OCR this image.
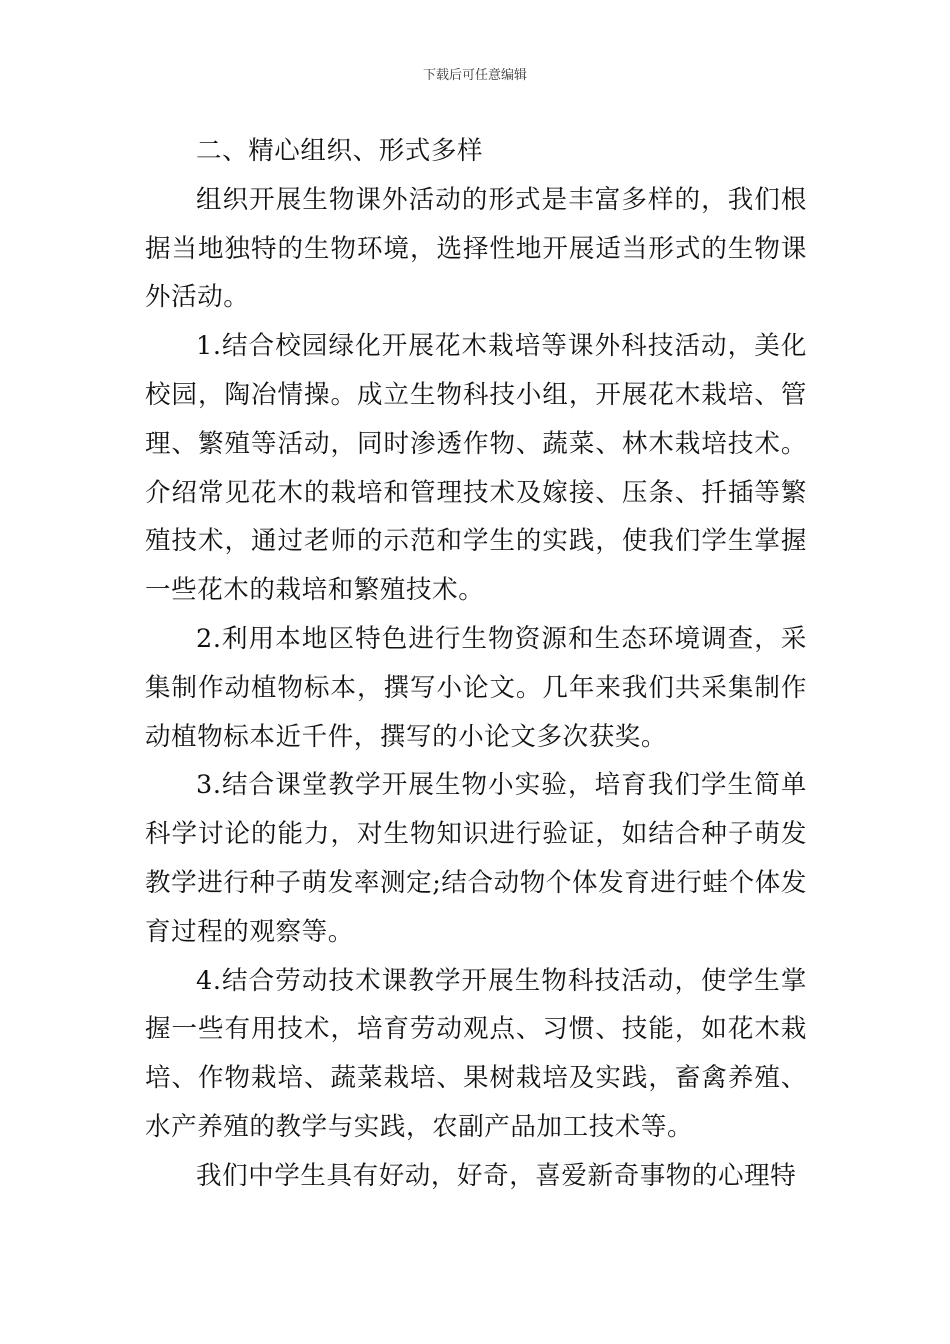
下载后可任意编辑

二、精心组织、形式多样

组织开展生物课外活动的形式是丰富多样的，我们根据当地独特的生物环境，选择性地开展适当形式的生物课外活动。

1.结合校园绿化开展花木栽培等课外科技活动，美化校园，陶冶情操。成立生物科技小组，开展花木栽培、管理、繁殖等活动，同时渗透作物、蔬菜、林木栽培技术。介绍常见花木的栽培和管理技术及嫁接、压条、扦插等繁殖技术，通过老师的示范和学生的实践，使我们学生掌握一些花木的栽培和繁殖技术。

2.利用本地区特色进行生物资源和生态环境调查，采集制作动植物标本，撰写小论文。几年来我们共采集制作动植物标本近千件，撰写的小论文多次获奖。

3.结合课堂教学开展生物小实验，培育我们学生简单科学讨论的能力，对生物知识进行验证，如结合种子萌发教学进行种子萌发率测定;结合动物个体发育进行蛙个体发育过程的观察等。

4.结合劳动技术课教学开展生物科技活动，使学生掌握一些有用技术，培育劳动观点、习惯、技能，如花木栽培、作物栽培、蔬菜栽培、果树栽培及实践，畜禽养殖、水产养殖的教学与实践，农副产品加工技术等。

我们中学生具有好动，好奇，喜爱新奇事物的心理特
